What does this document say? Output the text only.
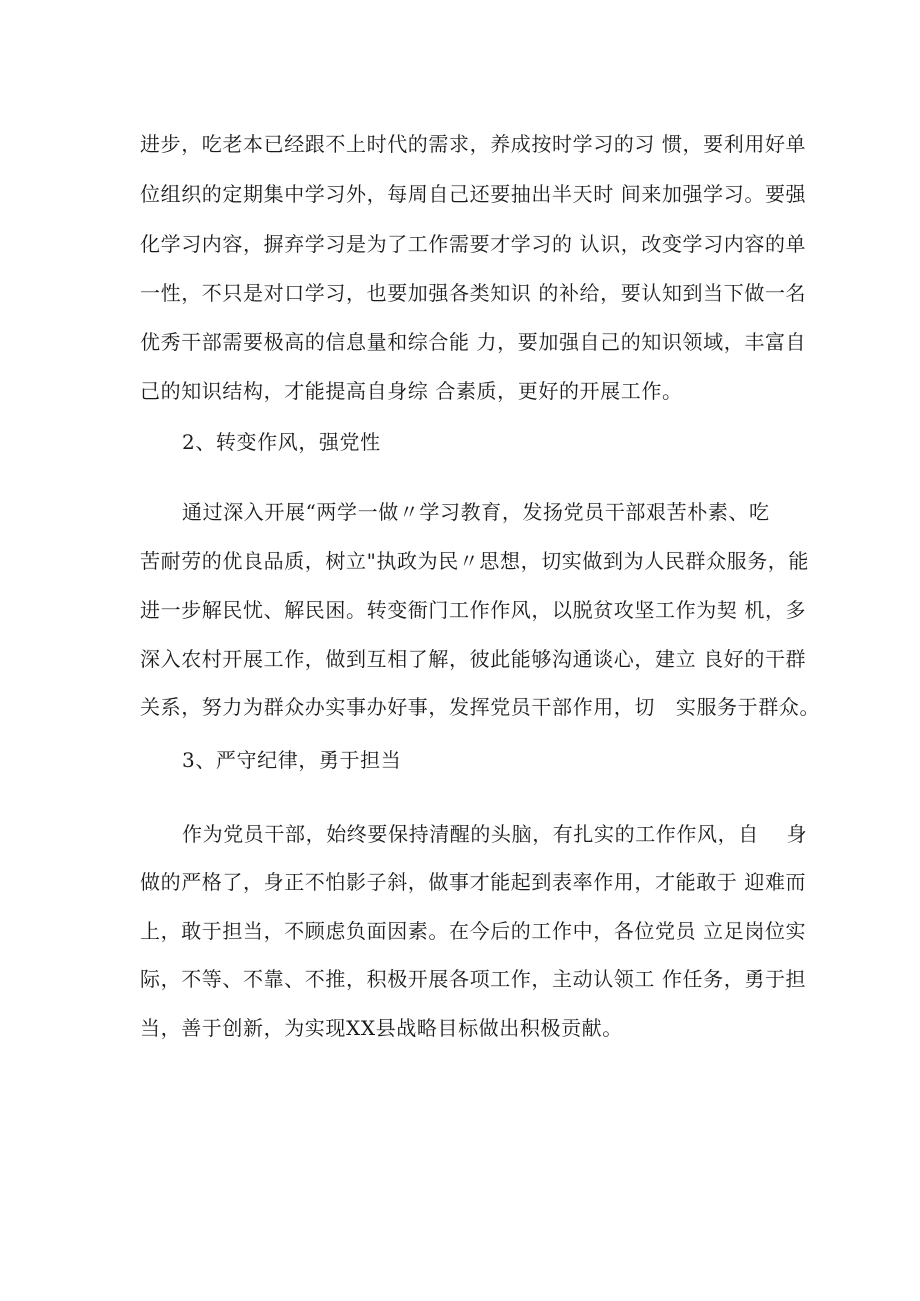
进步，吃老本已经跟不上时代的需求，养成按时学习的习 惯，要利用好单
位组织的定期集中学习外，每周自己还要抽出半天时 间来加强学习。要强
化学习内容，摒弃学习是为了工作需要才学习的 认识，改变学习内容的单
一性，不只是对口学习，也要加强各类知识 的补给，要认知到当下做一名
优秀干部需要极高的信息量和综合能 力，要加强自己的知识领域，丰富自
己的知识结构，才能提高自身综 合素质，更好的开展工作。
2、转变作风，强党性
通过深入开展“两学一做〃学习教育，发扬党员干部艰苦朴素、吃
苦耐劳的优良品质，树立"执政为民〃思想，切实做到为人民群众服务，能
进一步解民忧、解民困。转变衙门工作作风，以脱贫攻坚工作为契 机，多
深入农村开展工作，做到互相了解，彼此能够沟通谈心，建立 良好的干群
关系，努力为群众办实事办好事，发挥党员干部作用，切   实服务于群众。
3、严守纪律，勇于担当
作为党员干部，始终要保持清醒的头脑，有扎实的工作作风，自    身
做的严格了，身正不怕影子斜，做事才能起到表率作用，才能敢于 迎难而
上，敢于担当，不顾虑负面因素。在今后的工作中，各位党员 立足岗位实
际，不等、不靠、不推，积极开展各项工作，主动认领工 作任务，勇于担
当，善于创新，为实现XX县战略目标做出积极贡献。
